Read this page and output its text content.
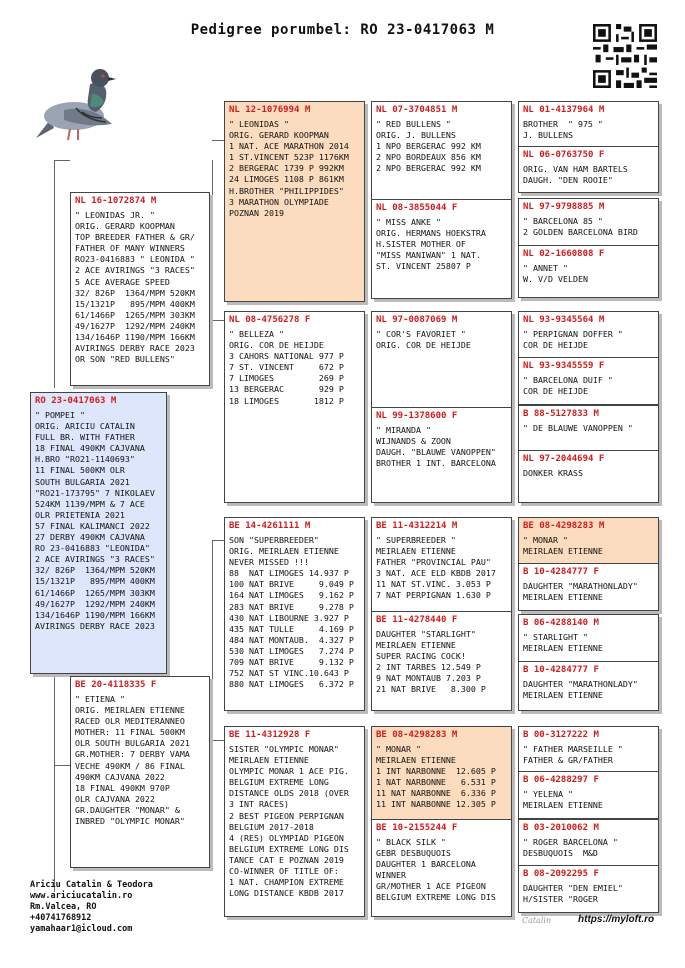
Pedigree porumbel: RO 23-0417063 M
RO 23-0417063 M
" POMPEI "
ORIG. ARICIU CATALIN
FULL BR. WITH FATHER
18 FINAL 490KM CAJVANA
H.BRO "RO21-1140693"
11 FINAL 500KM OLR
SOUTH BULGARIA 2021
"RO21-173795" 7 NIKOLAEV
524KM 1139/MPM & 7 ACE
OLR PRIETENIA 2021
57 FINAL KALIMANCI 2022
27 DERBY 490KM CAJVANA
RO 23-0416883 "LEONIDA"
2 ACE AVIRINGS "3 RACES"
32/ 826P  1364/MPM 520KM
15/1321P   895/MPM 400KM
61/1466P  1265/MPM 303KM
49/1627P  1292/MPM 240KM
134/1646P 1190/MPM 166KM
AVIRINGS DERBY RACE 2023
NL 16-1072874 M
" LEONIDAS JR. "
ORIG. GERARD KOOPMAN
TOP BREEDER FATHER & GR/
FATHER OF MANY WINNERS
RO23-0416883 " LEONIDA "
2 ACE AVIRINGS "3 RACES"
5 ACE AVERAGE SPEED
32/ 826P  1364/MPM 520KM
15/1321P   895/MPM 400KM
61/1466P  1265/MPM 303KM
49/1627P  1292/MPM 240KM
134/1646P 1190/MPM 166KM
AVIRINGS DERBY RACE 2023
OR SON "RED BULLENS"
BE 20-4118335 F
" ETIENA "
ORIG. MEIRLAEN ETIENNE
RACED OLR MEDITERANNEO
MOTHER: 11 FINAL 500KM
OLR SOUTH BULGARIA 2021
GR.MOTHER: 7 DERBY VAMA
VECHE 490KM / 86 FINAL
490KM CAJVANA 2022
18 FINAL 490KM 970P
OLR CAJVANA 2022
GR.DAUGHTER "MONAR" &
INBRED "OLYMPIC MONAR"
NL 12-1076994 M
" LEONIDAS "
ORIG. GERARD KOOPMAN
1 NAT. ACE MARATHON 2014
1 ST.VINCENT 523P 1176KM
2 BERGERAC 1739 P 992KM
24 LIMOGES 1108 P 861KM
H.BROTHER "PHILIPPIDES"
3 MARATHON OLYMPIADE
POZNAN 2019
NL 08-4756278 F
" BELLEZA "
ORIG. COR DE HEIJDE
3 CAHORS NATIONAL 977 P
7 ST. VINCENT     672 P
7 LIMOGES         269 P
13 BERGERAC       929 P
18 LIMOGES       1812 P
BE 14-4261111 M
SON "SUPERBREEDER"
ORIG. MEIRLAEN ETIENNE
NEVER MISSED !!!
88  NAT LIMOGES 14.937 P
100 NAT BRIVE     9.049 P
164 NAT LIMOGES   9.162 P
283 NAT BRIVE     9.278 P
430 NAT LIBOURNE 3.927 P
435 NAT TULLE     4.169 P
484 NAT MONTAUB.  4.327 P
530 NAT LIMOGES   7.274 P
709 NAT BRIVE     9.132 P
752 NAT ST VINC.10.643 P
880 NAT LIMOGES   6.372 P
BE 11-4312928 F
SISTER "OLYMPIC MONAR"
MEIRLAEN ETIENNE
OLYMPIC MONAR 1 ACE PIG.
BELGIUM EXTREME LONG
DISTANCE OLDS 2018 (OVER
3 INT RACES)
2 BEST PIGEON PERPIGNAN
BELGIUM 2017-2018
4 (RES) OLYMPIAD PIGEON
BELGIUM EXTREME LONG DIS
TANCE CAT E POZNAN 2019
CO-WINNER OF TITLE OF:
1 NAT. CHAMPION EXTREME
LONG DISTANCE KBDB 2017
NL 07-3704851 M
" RED BULLENS "
ORIG. J. BULLENS
1 NPO BERGERAC 992 KM
2 NPO BORDEAUX 856 KM
2 NPO BERGERAC 992 KM
NL 08-3855044 F
" MISS ANKE "
ORIG. HERMANS HOEKSTRA
H.SISTER MOTHER OF
"MISS MANIWAN" 1 NAT.
ST. VINCENT 25807 P
NL 97-0087069 M
" COR'S FAVORIET "
ORIG. COR DE HEIJDE
NL 99-1378600 F
" MIRANDA "
WIJNANDS & ZOON
DAUGH. "BLAUWE VANOPPEN"
BROTHER 1 INT. BARCELONA
BE 11-4312214 M
" SUPERBREEDER "
MEIRLAEN ETIENNE
FATHER "PROVINCIAL PAU"
3 NAT. ACE ELD KBDB 2017
11 NAT ST.VINC. 3.053 P
7 NAT PERPIGNAN 1.630 P
BE 11-4278440 F
DAUGHTER "STARLIGHT"
MEIRLAEN ETIENNE
SUPER RACING COCK!
2 INT TARBES 12.549 P
9 NAT MONTAUB 7.203 P
21 NAT BRIVE   8.300 P
BE 08-4298283 M
" MONAR "
MEIRLAEN ETIENNE
1 INT NARBONNE  12.605 P
1 NAT NARBONNE   6.531 P
11 NAT NARBONNE  6.336 P
11 INT NARBONNE 12.305 P
BE 10-2155244 F
" BLACK SILK "
GEBR DESBUQUOIS
DAUGHTER 1 BARCELONA
WINNER
GR/MOTHER 1 ACE PIGEON
BELGIUM EXTREME LONG DIS
NL 01-4137964 M
BROTHER  " 975 "
J. BULLENS
NL 06-0763750 F
ORIG. VAN HAM BARTELS
DAUGH. "DEN ROOIE"
NL 97-9798885 M
" BARCELONA 85 "
2 GOLDEN BARCELONA BIRD
NL 02-1660808 F
" ANNET "
W. V/D VELDEN
NL 93-9345564 M
" PERPIGNAN DOFFER "
COR DE HEIJDE
NL 93-9345559 F
" BARCELONA DUIF "
COR DE HEIJDE
B 88-5127833 M
" DE BLAUWE VANOPPEN "
NL 97-2044694 F
DONKER KRASS
BE 08-4298283 M
" MONAR "
MEIRLAEN ETIENNE
B 10-4284777 F
DAUGHTER "MARATHONLADY"
MEIRLAEN ETIENNE
B 06-4288140 M
" STARLIGHT "
MEIRLAEN ETIENNE
B 10-4284777 F
DAUGHTER "MARATHONLADY"
MEIRLAEN ETIENNE
B 00-3127222 M
" FATHER MARSEILLE "
FATHER & GR/FATHER
B 06-4288297 F
" YELENA "
MEIRLAEN ETIENNE
B 03-2010062 M
" ROGER BARCELONA "
DESBUQUOIS  M&D
B 08-2092295 F
DAUGHTER "DEN EMIEL"
H/SISTER "ROGER
Ariciu Catalin & Teodora
www.ariciucatalin.ro
Rm.Valcea, RO
+40741768912
yamahaar1@icloud.com
Catalin	https://myloft.ro
